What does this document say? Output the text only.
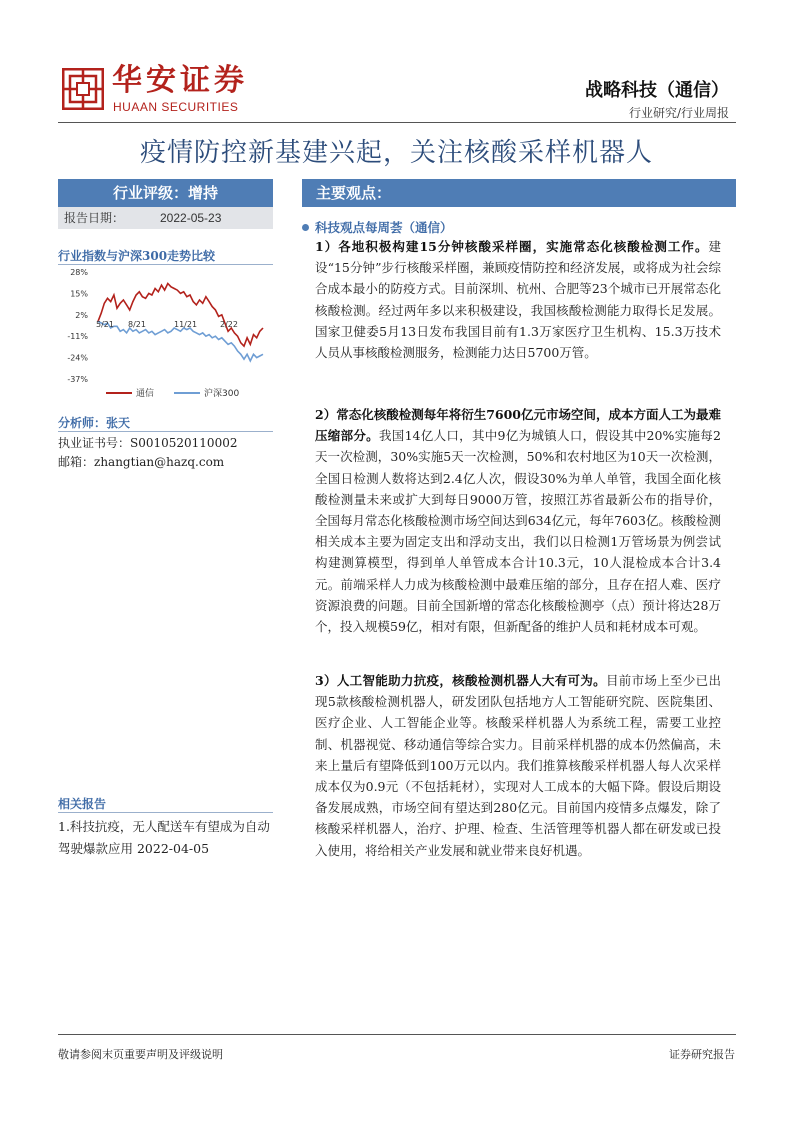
华安证券
HUAAN SECURITIES
战略科技（通信）
行业研究/行业周报
疫情防控新基建兴起，关注核酸采样机器人
行业评级：增持
报告日期：	2022-05-23
行业指数与沪深300走势比较
28%
15%
2%
-11%
-24%
-37%
5/21 8/21	11/21	2/22
通信	沪深300
分析师：张天
执业证书号：S0010520110002
邮箱：zhangtian@hazq.com
相关报告
1.科技抗疫，无人配送车有望成为自动驾驶爆款应用 2022-04-05
主要观点：
科技观点每周荟（通信）
1）各地积极构建15分钟核酸采样圈，实施常态化核酸检测工作。建设“15分钟”步行核酸采样圈，兼顾疫情防控和经济发展，或将成为社会综合成本最小的防疫方式。目前深圳、杭州、合肥等23个城市已开展常态化核酸检测。经过两年多以来积极建设，我国核酸检测能力取得长足发展。国家卫健委5月13日发布我国目前有1.3万家医疗卫生机构、15.3万技术人员从事核酸检测服务，检测能力达日5700万管。
2）常态化核酸检测每年将衍生7600亿元市场空间，成本方面人工为最难压缩部分。我国14亿人口，其中9亿为城镇人口，假设其中20%实施每2天一次检测，30%实施5天一次检测，50%和农村地区为10天一次检测，全国日检测人数将达到2.4亿人次，假设30%为单人单管，我国全面化核酸检测量未来或扩大到每日9000万管，按照江苏省最新公布的指导价，全国每月常态化核酸检测市场空间达到634亿元，每年7603亿。核酸检测相关成本主要为固定支出和浮动支出，我们以日检测1万管场景为例尝试构建测算模型，得到单人单管成本合计10.3元，10人混检成本合计3.4元。前端采样人力成为核酸检测中最难压缩的部分，且存在招人难、医疗资源浪费的问题。目前全国新增的常态化核酸检测亭（点）预计将达28万个，投入规模59亿，相对有限，但新配备的维护人员和耗材成本可观。
3）人工智能助力抗疫，核酸检测机器人大有可为。目前市场上至少已出现5款核酸检测机器人，研发团队包括地方人工智能研究院、医院集团、医疗企业、人工智能企业等。核酸采样机器人为系统工程，需要工业控制、机器视觉、移动通信等综合实力。目前采样机器的成本仍然偏高，未来上量后有望降低到100万元以内。我们推算核酸采样机器人每人次采样成本仅为0.9元（不包括耗材），实现对人工成本的大幅下降。假设后期设备发展成熟，市场空间有望达到280亿元。目前国内疫情多点爆发，除了核酸采样机器人，治疗、护理、检查、生活管理等机器人都在研发或已投入使用，将给相关产业发展和就业带来良好机遇。
敬请参阅末页重要声明及评级说明	证券研究报告
